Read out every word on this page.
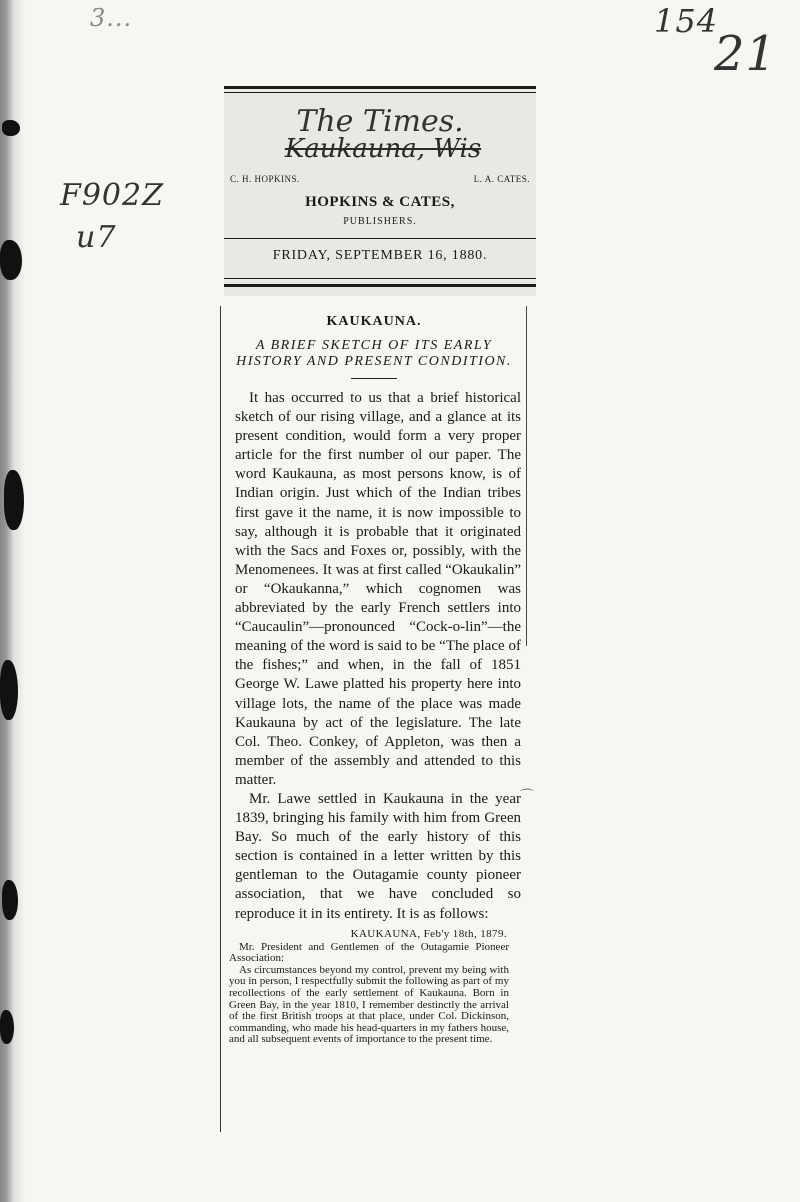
3...	154
21
F902Z
u7
The Times.
Kaukauna, Wis
C. H. HOPKINS.	L. A. CATES.
HOPKINS & CATES,
PUBLISHERS.
FRIDAY, SEPTEMBER 16, 1880.
KAUKAUNA.
A BRIEF SKETCH OF ITS EARLY HISTORY AND PRESENT CONDITION.

It has occurred to us that a brief historical sketch of our rising village, and a glance at its present condition, would form a very proper article for the first number ol our paper. The word Kaukauna, as most persons know, is of Indian origin. Just which of the Indian tribes first gave it the name, it is now impossible to say, although it is probable that it originated with the Sacs and Foxes or, possibly, with the Menomenees. It was at first called “Okaukalin” or “Okaukanna,” which cognomen was abbreviated by the early French settlers into “Caucaulin”—pronounced “Cock-o-lin”—the meaning of the word is said to be “The place of the fishes;” and when, in the fall of 1851 George W. Lawe platted his property here into village lots, the name of the place was made Kaukauna by act of the legislature. The late Col. Theo. Conkey, of Appleton, was then a member of the assembly and attended to this matter.

Mr. Lawe settled in Kaukauna in the year 1839, bringing his family with him from Green Bay. So much of the early history of this section is contained in a letter written by this gentleman to the Outagamie county pioneer association, that we have concluded so reproduce it in its entirety. It is as follows:

KAUKAUNA, Feb'y 18th, 1879.

Mr. President and Gentlemen of the Outagamie Pioneer Association:

As circumstances beyond my control, prevent my being with you in person, I respectfully submit the following as part of my recollections of the early settlement of Kaukauna. Born in Green Bay, in the year 1810, I remember destinctly the arrival of the first British troops at that place, under Col. Dickinson, commanding, who made his head-quarters in my fathers house, and all subsequent events of importance to the present time.

⌒
